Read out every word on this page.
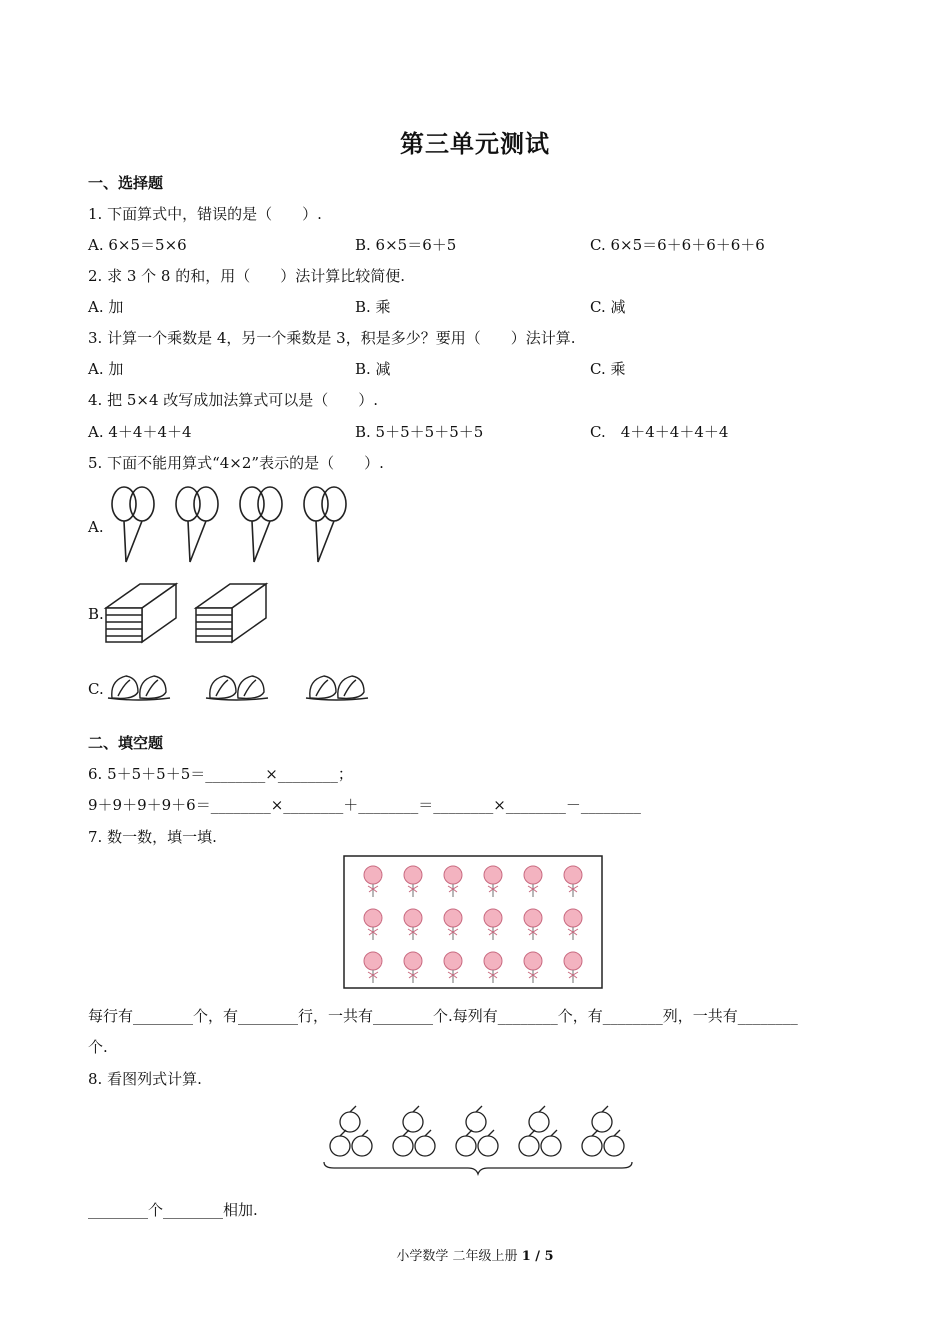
第三单元测试
一、选择题
1. 下面算式中，错误的是（　　）.
A. 6×5＝5×6	B. 6×5＝6＋5	C. 6×5＝6＋6＋6＋6＋6
2. 求 3 个 8 的和，用（　　）法计算比较简便.
A. 加	B. 乘	C. 减
3. 计算一个乘数是 4，另一个乘数是 3，积是多少？要用（　　）法计算.
A. 加	B. 减	C. 乘
4. 把 5×4 改写成加法算式可以是（　　）.
A. 4＋4＋4＋4	B. 5＋5＋5＋5＋5	C.　4＋4＋4＋4＋4
5. 下面不能用算式“4×2”表示的是（　　）.
A.
B.
C.
二、填空题
6. 5＋5＋5＋5＝________×________；
9＋9＋9＋9＋6＝________×________＋________＝________×________－________
7. 数一数，填一填.
每行有________个，有________行，一共有________个.每列有________个，有________列，一共有________
个.
8. 看图列式计算.
________个________相加.
小学数学 二年级上册 1 / 5
